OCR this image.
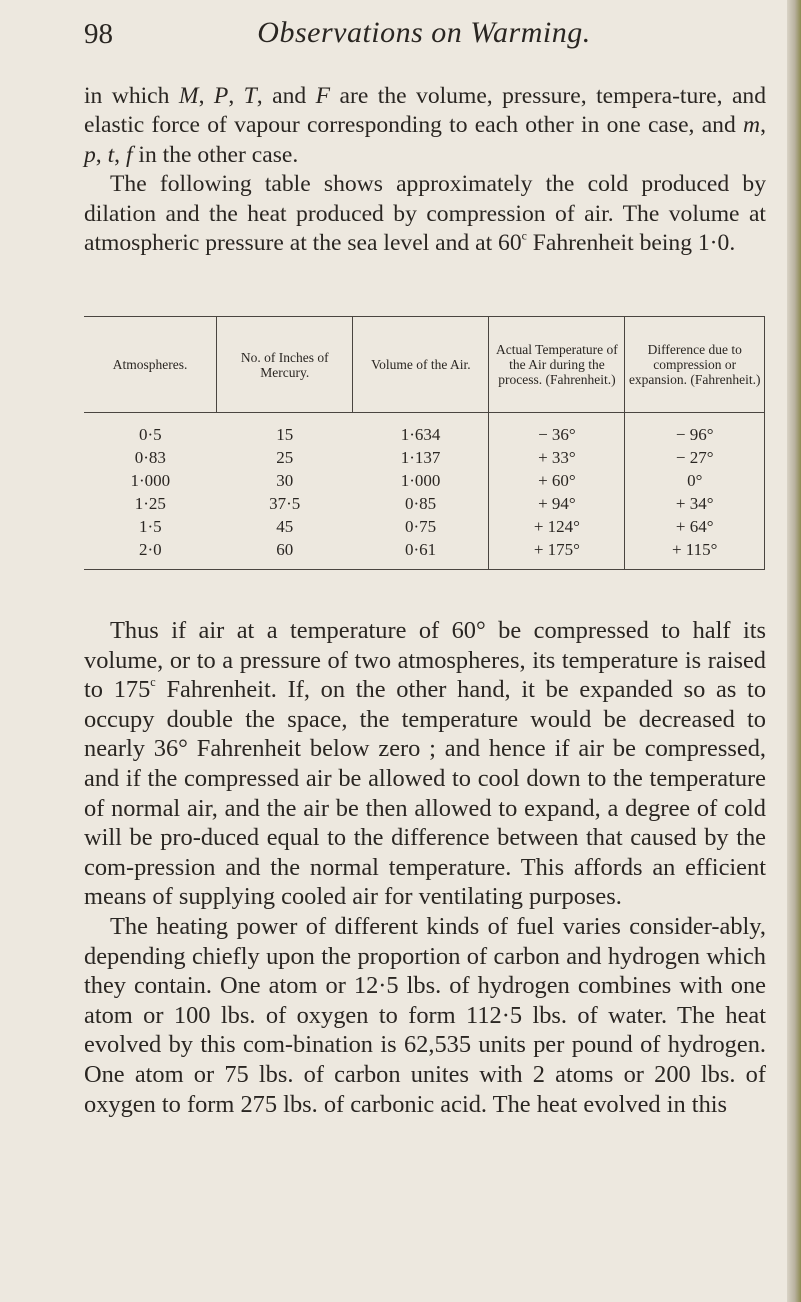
98	Observations on Warming.

in which M, P, T, and F are the volume, pressure, tempera-ture, and elastic force of vapour corresponding to each other in one case, and m, p, t, f in the other case.

The following table shows approximately the cold produced by dilation and the heat produced by compression of air. The volume at atmospheric pressure at the sea level and at 60$^c$ Fahrenheit being 1·0.

Atmospheres.	No. of Inches of Mercury.	Volume of the Air.	Actual Temperature of the Air during the process. (Fahrenheit.)	Difference due to compression or expansion. (Fahrenheit.)
0·5	15	1·634	− 36°	− 96°
0·83	25	1·137	+ 33°	− 27°
1·000	30	1·000	+ 60°	0°
1·25	37·5	0·85	+ 94°	+ 34°
1·5	45	0·75	+ 124°	+ 64°
2·0	60	0·61	+ 175°	+ 115°

Thus if air at a temperature of 60° be compressed to half its volume, or to a pressure of two atmospheres, its temperature is raised to 175$^c$ Fahrenheit. If, on the other hand, it be expanded so as to occupy double the space, the temperature would be decreased to nearly 36° Fahrenheit below zero ; and hence if air be compressed, and if the compressed air be allowed to cool down to the temperature of normal air, and the air be then allowed to expand, a degree of cold will be pro-duced equal to the difference between that caused by the com-pression and the normal temperature. This affords an efficient means of supplying cooled air for ventilating purposes.

The heating power of different kinds of fuel varies consider-ably, depending chiefly upon the proportion of carbon and hydrogen which they contain. One atom or 12·5 lbs. of hydrogen combines with one atom or 100 lbs. of oxygen to form 112·5 lbs. of water. The heat evolved by this com-bination is 62,535 units per pound of hydrogen. One atom or 75 lbs. of carbon unites with 2 atoms or 200 lbs. of oxygen to form 275 lbs. of carbonic acid. The heat evolved in this
